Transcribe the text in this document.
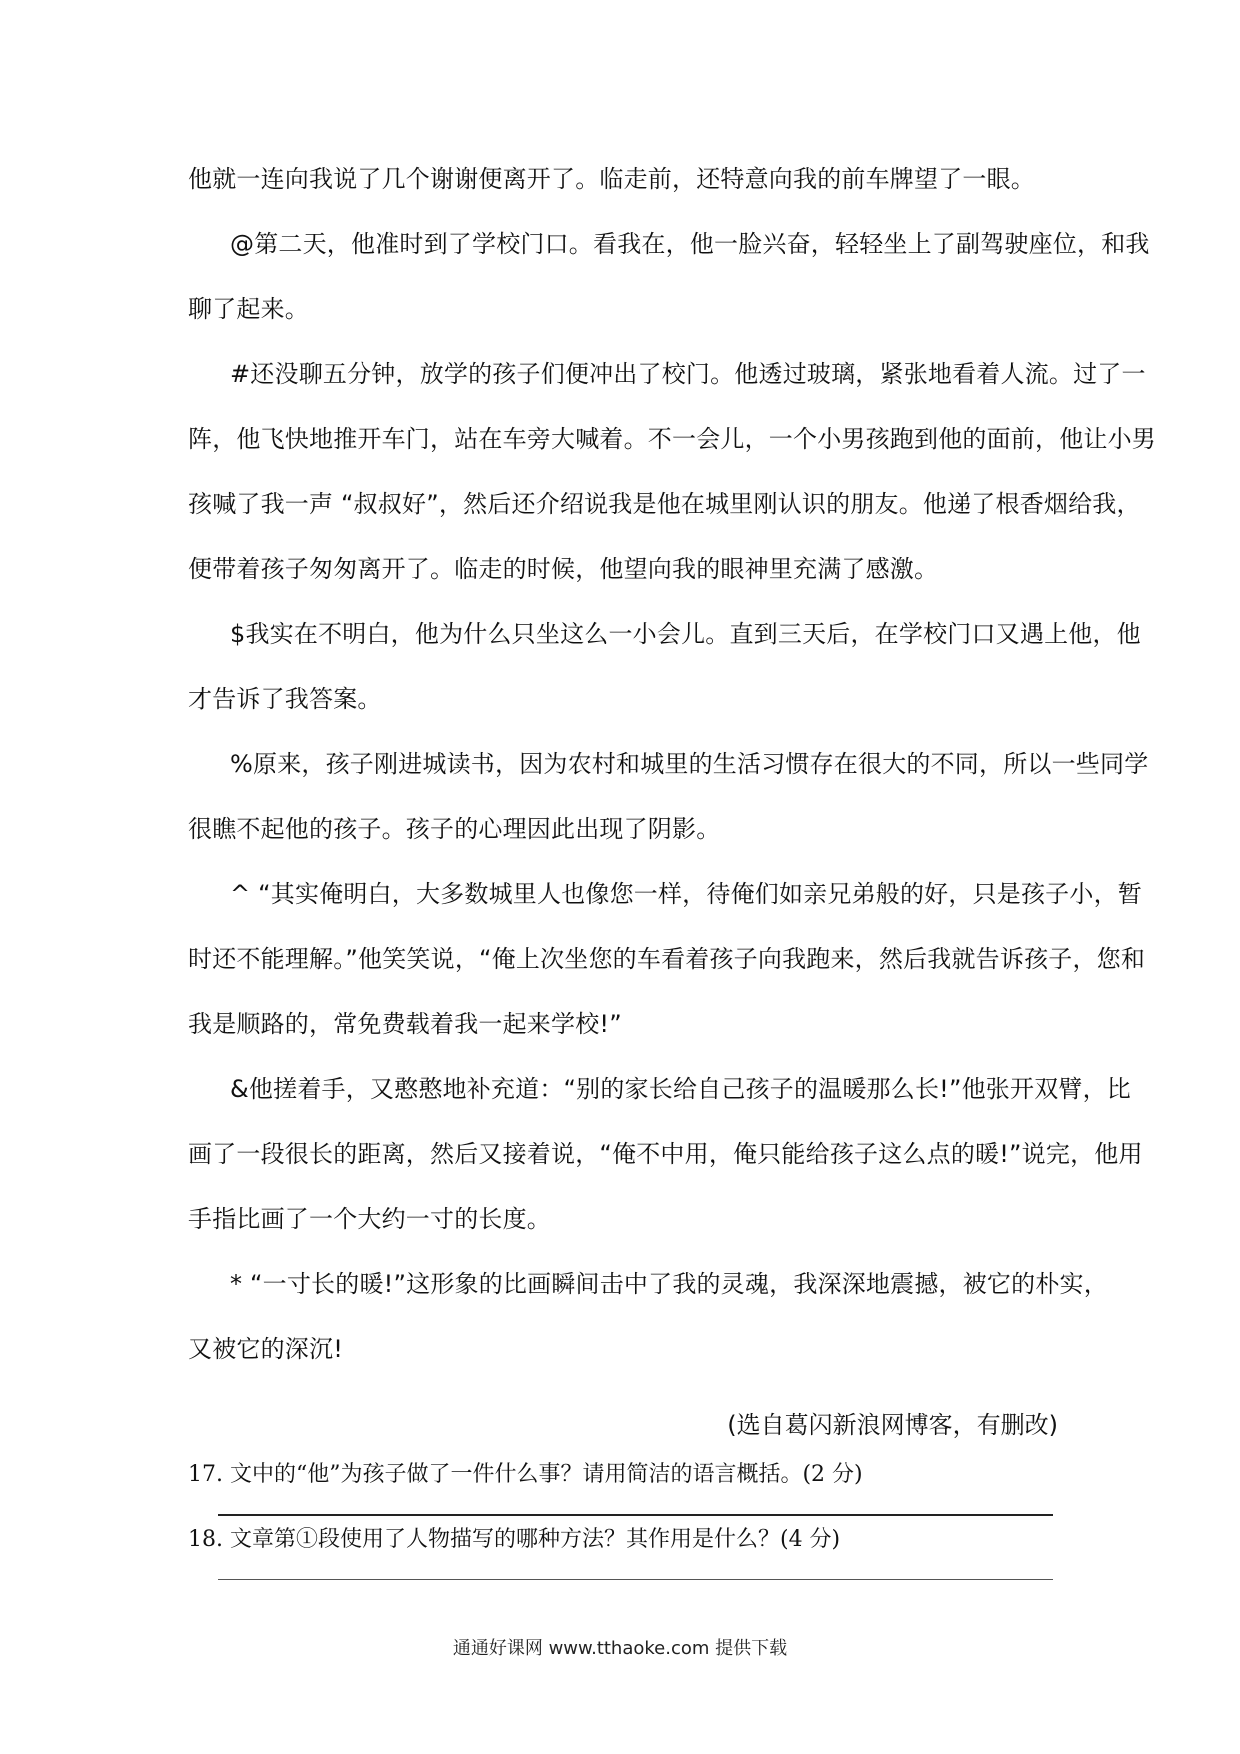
他就一连向我说了几个谢谢便离开了。临走前，还特意向我的前车牌望了一眼。
@第二天，他准时到了学校门口。看我在，他一脸兴奋，轻轻坐上了副驾驶座位，和我
聊了起来。
#还没聊五分钟，放学的孩子们便冲出了校门。他透过玻璃，紧张地看着人流。过了一
阵，他飞快地推开车门，站在车旁大喊着。不一会儿，一个小男孩跑到他的面前，他让小男
孩喊了我一声 “叔叔好”，然后还介绍说我是他在城里刚认识的朋友。他递了根香烟给我，
便带着孩子匆匆离开了。临走的时候，他望向我的眼神里充满了感激。
$我实在不明白，他为什么只坐这么一小会儿。直到三天后，在学校门口又遇上他，他
才告诉了我答案。
%原来，孩子刚进城读书，因为农村和城里的生活习惯存在很大的不同，所以一些同学
很瞧不起他的孩子。孩子的心理因此出现了阴影。
^ “其实俺明白，大多数城里人也像您一样，待俺们如亲兄弟般的好，只是孩子小，暂
时还不能理解。”他笑笑说，“俺上次坐您的车看着孩子向我跑来，然后我就告诉孩子，您和
我是顺路的，常免费载着我一起来学校!”
&他搓着手，又憨憨地补充道：“别的家长给自己孩子的温暖那么长!”他张开双臂，比
画了一段很长的距离，然后又接着说，“俺不中用，俺只能给孩子这么点的暖!”说完，他用
手指比画了一个大约一寸的长度。
* “一寸长的暖!”这形象的比画瞬间击中了我的灵魂，我深深地震撼，被它的朴实，
又被它的深沉!
(选自葛闪新浪网博客，有删改)
17. 文中的“他”为孩子做了一件什么事？请用简洁的语言概括。(2 分)
18. 文章第①段使用了人物描写的哪种方法？其作用是什么？(4 分)
通通好课网 www.tthaoke.com 提供下载
